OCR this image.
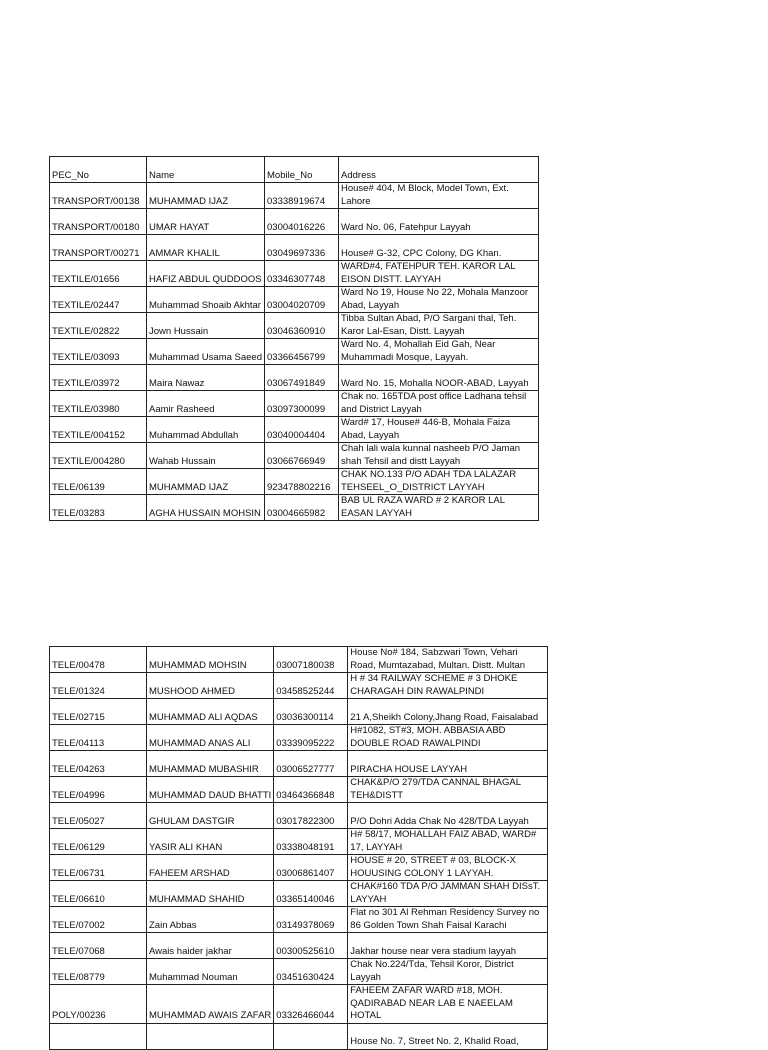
PEC_No	Name	Mobile_No	Address
TRANSPORT/00138	MUHAMMAD IJAZ	03338919674	House# 404, M Block, Model Town, Ext. Lahore
TRANSPORT/00180	UMAR HAYAT	03004016226	Ward No. 06, Fatehpur Layyah
TRANSPORT/00271	AMMAR KHALIL	03049697336	House# G-32, CPC Colony, DG Khan.
TEXTILE/01656	HAFIZ ABDUL QUDDOOS	03346307748	WARD#4, FATEHPUR TEH. KAROR LAL EISON DISTT. LAYYAH
TEXTILE/02447	Muhammad Shoaib Akhtar	03004020709	Ward No 19, House No 22, Mohala Manzoor Abad, Layyah
TEXTILE/02822	Jown Hussain	03046360910	Tibba Sultan Abad, P/O Sargani thal, Teh. Karor Lal-Esan, Distt. Layyah
TEXTILE/03093	Muhammad Usama Saeed	03366456799	Ward No. 4, Mohallah Eid Gah, Near Muhammadi Mosque, Layyah.
TEXTILE/03972	Maira Nawaz	03067491849	Ward No. 15, Mohalla NOOR-ABAD, Layyah
TEXTILE/03980	Aamir Rasheed	03097300099	Chak no. 165TDA post office Ladhana tehsil and District Layyah
TEXTILE/004152	Muhammad Abdullah	03040004404	Ward# 17, House# 446-B, Mohala Faiza Abad, Layyah
TEXTILE/004280	Wahab Hussain	03066766949	Chah lali wala kunnal nasheeb P/O Jaman shah Tehsil and distt Layyah
TELE/06139	MUHAMMAD IJAZ	923478802216	CHAK NO.133 P/O ADAH TDA LALAZAR TEHSEEL_O_DISTRICT LAYYAH
TELE/03283	AGHA HUSSAIN MOHSIN	03004665982	BAB UL RAZA WARD # 2 KAROR LAL EASAN LAYYAH
TELE/00478	MUHAMMAD MOHSIN	03007180038	House No# 184, Sabzwari Town, Vehari Road, Mumtazabad, Multan. Distt. Multan
TELE/01324	MUSHOOD AHMED	03458525244	H # 34 RAILWAY SCHEME # 3 DHOKE CHARAGAH DIN RAWALPINDI
TELE/02715	MUHAMMAD ALI AQDAS	03036300114	21 A,Sheikh Colony,Jhang Road, Faisalabad
TELE/04113	MUHAMMAD ANAS ALI	03339095222	H#1082, ST#3, MOH. ABBASIA ABD DOUBLE ROAD RAWALPINDI
TELE/04263	MUHAMMAD MUBASHIR	03006527777	PIRACHA HOUSE LAYYAH
TELE/04996	MUHAMMAD DAUD BHATTI	03464366848	CHAK&P/O 279/TDA CANNAL BHAGAL TEH&DISTT
TELE/05027	GHULAM DASTGIR	03017822300	P/O Dohri Adda Chak No 428/TDA Layyah
TELE/06129	YASIR ALI KHAN	03338048191	H# 58/17, MOHALLAH FAIZ ABAD, WARD# 17, LAYYAH
TELE/06731	FAHEEM ARSHAD	03006861407	HOUSE # 20, STREET # 03, BLOCK-X HOUUSING COLONY 1 LAYYAH.
TELE/06610	MUHAMMAD SHAHID	03365140046	CHAK#160 TDA P/O JAMMAN SHAH DISsT. LAYYAH
TELE/07002	Zain Abbas	03149378069	Flat no 301 Al Rehman Residency Survey no 86 Golden Town Shah Faisal Karachi
TELE/07068	Awais haider jakhar	00300525610	Jakhar house near vera stadium layyah
TELE/08779	Muhammad Nouman	03451630424	Chak No.224/Tda, Tehsil Koror, District Layyah
POLY/00236	MUHAMMAD AWAIS ZAFAR	03326466044	FAHEEM ZAFAR WARD #18, MOH. QADIRABAD NEAR LAB E NAEELAM HOTAL
			House No. 7, Street No. 2, Khalid Road,
